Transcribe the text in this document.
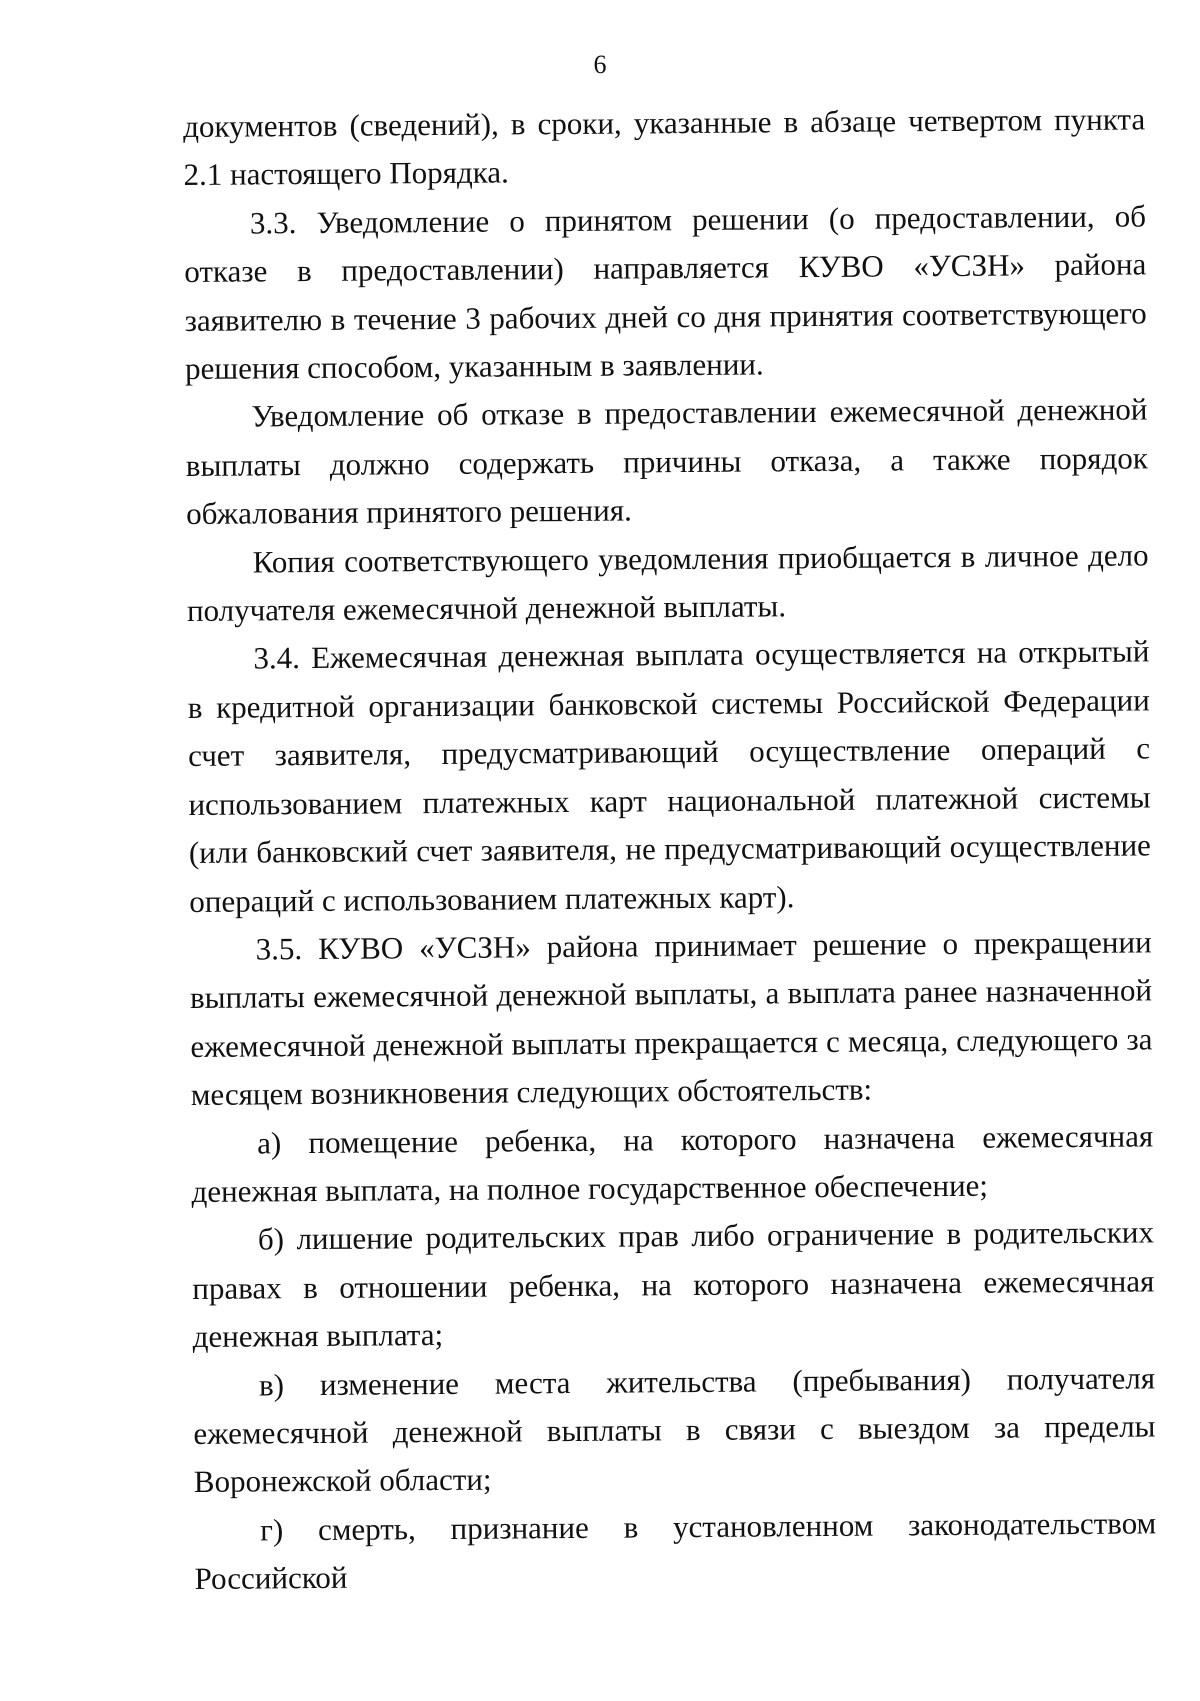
6

документов (сведений), в сроки, указанные в абзаце четвертом пункта 2.1 настоящего Порядка.

3.3. Уведомление о принятом решении (о предоставлении, об отказе в предоставлении) направляется КУВО «УСЗН» района заявителю в течение 3 рабочих дней со дня принятия соответствующего решения способом, указанным в заявлении.

Уведомление об отказе в предоставлении ежемесячной денежной выплаты должно содержать причины отказа, а также порядок обжалования принятого решения.

Копия соответствующего уведомления приобщается в личное дело получателя ежемесячной денежной выплаты.

3.4. Ежемесячная денежная выплата осуществляется на открытый в кредитной организации банковской системы Российской Федерации счет заявителя, предусматривающий осуществление операций с использованием платежных карт национальной платежной системы (или банковский счет заявителя, не предусматривающий осуществление операций с использованием платежных карт).

3.5. КУВО «УСЗН» района принимает решение о прекращении выплаты ежемесячной денежной выплаты, а выплата ранее назначенной ежемесячной денежной выплаты прекращается с месяца, следующего за месяцем возникновения следующих обстоятельств:

а) помещение ребенка, на которого назначена ежемесячная денежная выплата, на полное государственное обеспечение;

б) лишение родительских прав либо ограничение в родительских правах в отношении ребенка, на которого назначена ежемесячная денежная выплата;

в) изменение места жительства (пребывания) получателя ежемесячной денежной выплаты в связи с выездом за пределы Воронежской области;

г) смерть, признание в установленном законодательством Российской
